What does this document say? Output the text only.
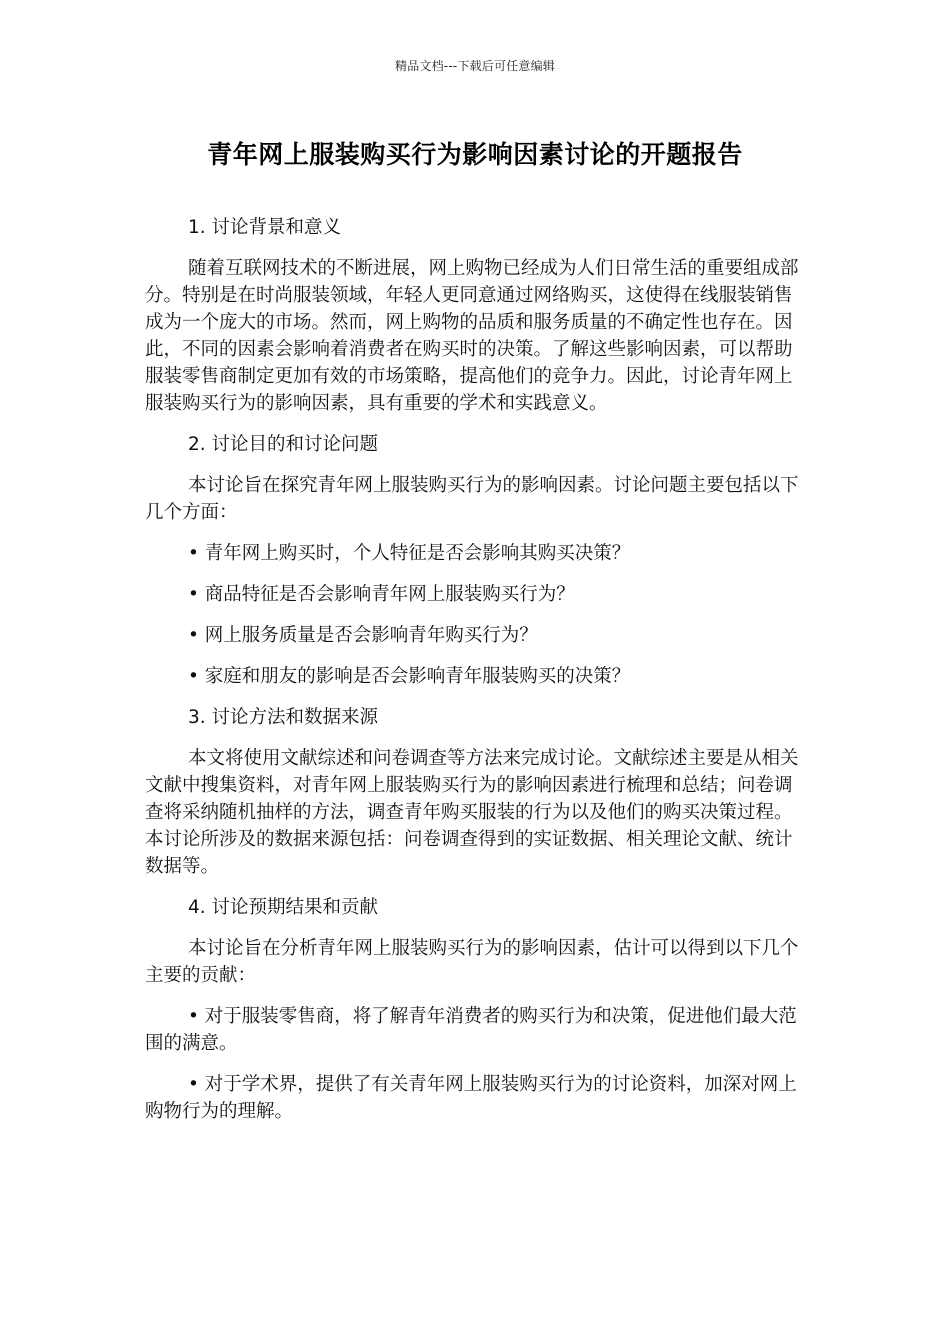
精品文档---下载后可任意编辑
青年网上服装购买行为影响因素讨论的开题报告

1. 讨论背景和意义

随着互联网技术的不断进展，网上购物已经成为人们日常生活的重要组成部分。特别是在时尚服装领域，年轻人更同意通过网络购买，这使得在线服装销售成为一个庞大的市场。然而，网上购物的品质和服务质量的不确定性也存在。因此，不同的因素会影响着消费者在购买时的决策。了解这些影响因素，可以帮助服装零售商制定更加有效的市场策略，提高他们的竞争力。因此，讨论青年网上服装购买行为的影响因素，具有重要的学术和实践意义。

2. 讨论目的和讨论问题

本讨论旨在探究青年网上服装购买行为的影响因素。讨论问题主要包括以下几个方面：

• 青年网上购买时，个人特征是否会影响其购买决策？

• 商品特征是否会影响青年网上服装购买行为？

• 网上服务质量是否会影响青年购买行为？

• 家庭和朋友的影响是否会影响青年服装购买的决策？

3. 讨论方法和数据来源

本文将使用文献综述和问卷调查等方法来完成讨论。文献综述主要是从相关文献中搜集资料，对青年网上服装购买行为的影响因素进行梳理和总结；问卷调查将采纳随机抽样的方法，调查青年购买服装的行为以及他们的购买决策过程。本讨论所涉及的数据来源包括：问卷调查得到的实证数据、相关理论文献、统计数据等。

4. 讨论预期结果和贡献

本讨论旨在分析青年网上服装购买行为的影响因素，估计可以得到以下几个主要的贡献：

• 对于服装零售商，将了解青年消费者的购买行为和决策，促进他们最大范围的满意。

• 对于学术界，提供了有关青年网上服装购买行为的讨论资料，加深对网上购物行为的理解。
